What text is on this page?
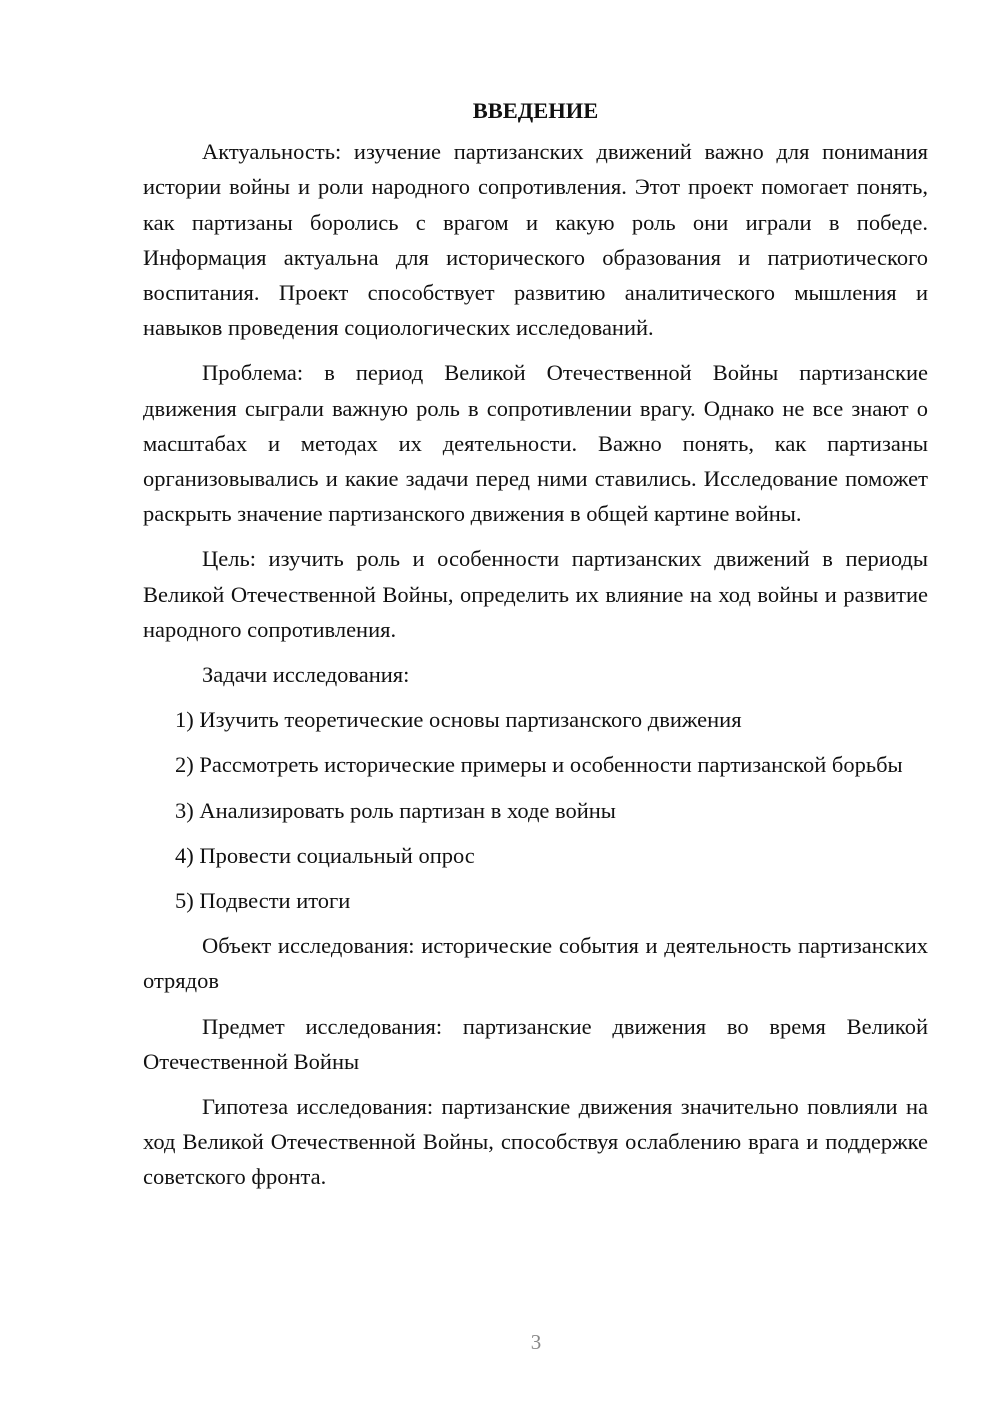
ВВЕДЕНИЕ

Актуальность: изучение партизанских движений важно для понимания истории войны и роли народного сопротивления. Этот проект помогает понять, как партизаны боролись с врагом и какую роль они играли в победе. Информация актуальна для исторического образования и патриотического воспитания. Проект способствует развитию аналитического мышления и навыков проведения социологических исследований.

Проблема: в период Великой Отечественной Войны партизанские движения сыграли важную роль в сопротивлении врагу. Однако не все знают о масштабах и методах их деятельности. Важно понять, как партизаны организовывались и какие задачи перед ними ставились. Исследование поможет раскрыть значение партизанского движения в общей картине войны.

Цель: изучить роль и особенности партизанских движений в периоды Великой Отечественной Войны, определить их влияние на ход войны и развитие народного сопротивления.

Задачи исследования:

1) Изучить теоретические основы партизанского движения

2) Рассмотреть исторические примеры и особенности партизанской борьбы

3) Анализировать роль партизан в ходе войны

4) Провести социальный опрос

5) Подвести итоги

Объект исследования: исторические события и деятельность партизанских отрядов

Предмет исследования: партизанские движения во время Великой Отечественной Войны

Гипотеза исследования: партизанские движения значительно повлияли на ход Великой Отечественной Войны, способствуя ослаблению врага и поддержке советского фронта.

3
